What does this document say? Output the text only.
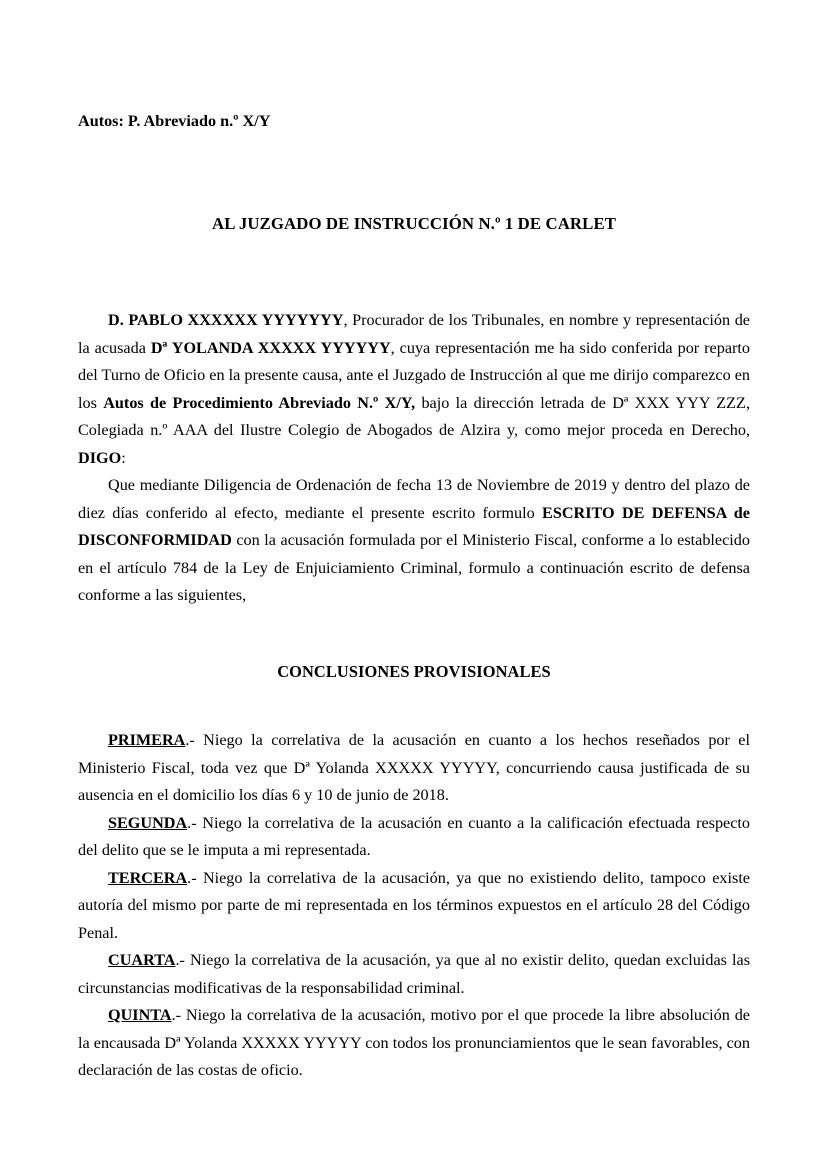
Autos: P. Abreviado n.º X/Y
AL JUZGADO DE INSTRUCCIÓN N.º 1 DE CARLET

D. PABLO XXXXXX YYYYYYY, Procurador de los Tribunales, en nombre y representación de la acusada Dª YOLANDA XXXXX YYYYYY, cuya representación me ha sido conferida por reparto del Turno de Oficio en la presente causa, ante el Juzgado de Instrucción al que me dirijo comparezco en los Autos de Procedimiento Abreviado N.º X/Y, bajo la dirección letrada de Dª XXX YYY ZZZ, Colegiada n.º AAA del Ilustre Colegio de Abogados de Alzira y, como mejor proceda en Derecho, DIGO:

Que mediante Diligencia de Ordenación de fecha 13 de Noviembre de 2019 y dentro del plazo de diez días conferido al efecto, mediante el presente escrito formulo ESCRITO DE DEFENSA de DISCONFORMIDAD con la acusación formulada por el Ministerio Fiscal, conforme a lo establecido en el artículo 784 de la Ley de Enjuiciamiento Criminal, formulo a continuación escrito de defensa conforme a las siguientes,

CONCLUSIONES PROVISIONALES

PRIMERA.- Niego la correlativa de la acusación en cuanto a los hechos reseñados por el Ministerio Fiscal, toda vez que Dª Yolanda XXXXX YYYYY, concurriendo causa justificada de su ausencia en el domicilio los días 6 y 10 de junio de 2018.

SEGUNDA.- Niego la correlativa de la acusación en cuanto a la calificación efectuada respecto del delito que se le imputa a mi representada.

TERCERA.- Niego la correlativa de la acusación, ya que no existiendo delito, tampoco existe autoría del mismo por parte de mi representada en los términos expuestos en el artículo 28 del Código Penal.

CUARTA.- Niego la correlativa de la acusación, ya que al no existir delito, quedan excluidas las circunstancias modificativas de la responsabilidad criminal.

QUINTA.- Niego la correlativa de la acusación, motivo por el que procede la libre absolución de la encausada Dª Yolanda XXXXX YYYYY con todos los pronunciamientos que le sean favorables, con declaración de las costas de oficio.
